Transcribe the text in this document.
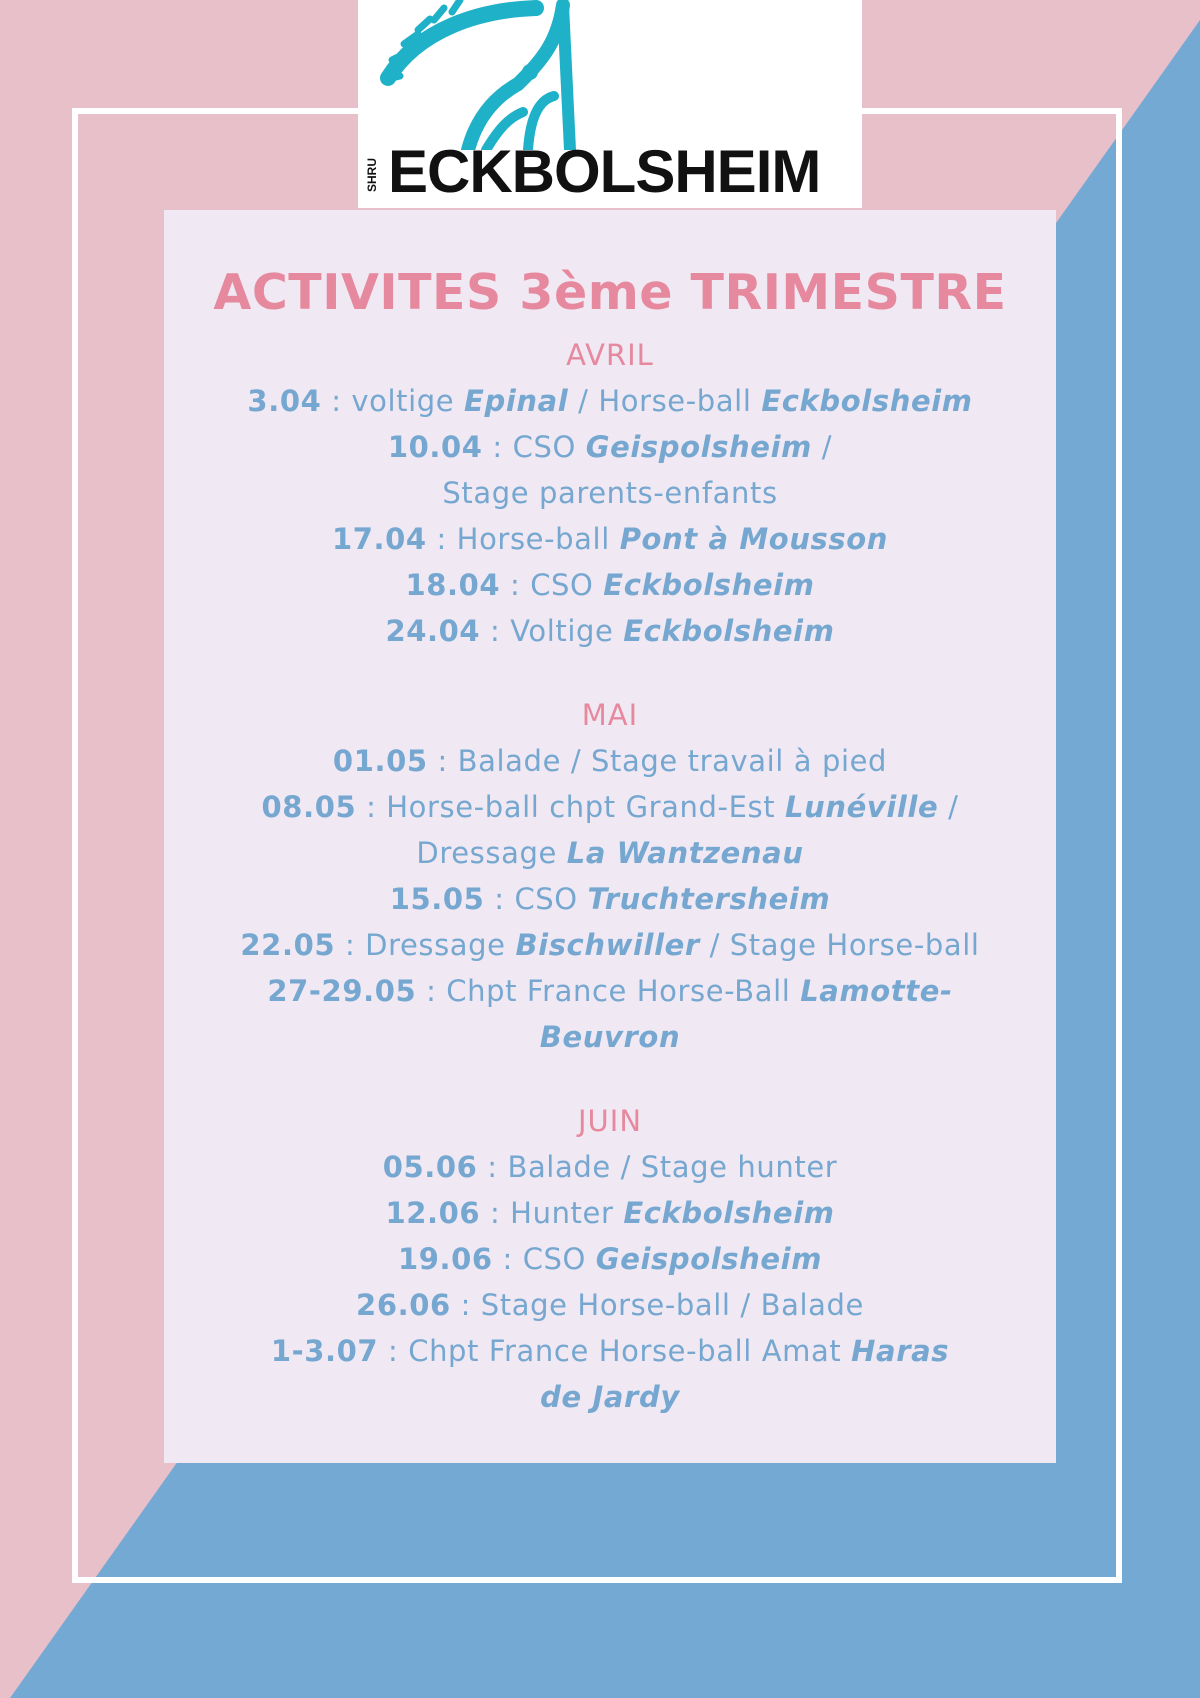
SHRU ECKBOLSHEIM
ACTIVITES 3ème TRIMESTRE
AVRIL
3.04 : voltige Epinal / Horse-ball Eckbolsheim
10.04 : CSO Geispolsheim /
Stage parents-enfants
17.04 : Horse-ball Pont à Mousson
18.04 : CSO Eckbolsheim
24.04 : Voltige Eckbolsheim
MAI
01.05 : Balade / Stage travail à pied
08.05 : Horse-ball chpt Grand-Est Lunéville /
Dressage La Wantzenau
15.05 : CSO Truchtersheim
22.05 : Dressage Bischwiller / Stage Horse-ball
27-29.05 : Chpt France Horse-Ball Lamotte-
Beuvron
JUIN
05.06 : Balade / Stage hunter
12.06 : Hunter Eckbolsheim
19.06 : CSO Geispolsheim
26.06 : Stage Horse-ball / Balade
1-3.07 : Chpt France Horse-ball Amat Haras
de Jardy
